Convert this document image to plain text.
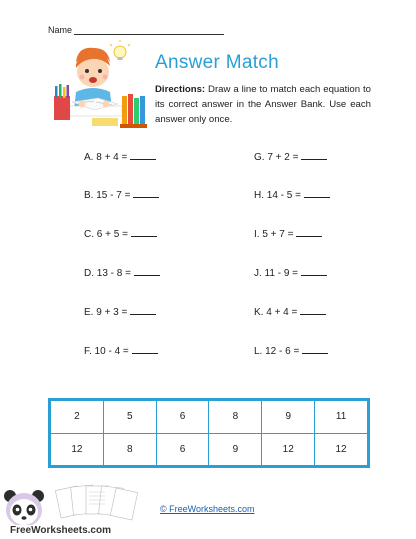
Name
Answer Match
Directions: Draw a line to match each equation to its correct answer in the Answer Bank. Use each answer only once.
A. 8 + 4 =
B. 15 - 7 =
C. 6 + 5 =
D. 13 - 8 =
E. 9 + 3 =
F. 10 - 4 =
G. 7 + 2 =
H. 14 - 5 =
I. 5 + 7 =
J. 11 - 9 =
K. 4 + 4 =
L. 12 - 6 =
2	5	6	8	9	11
12	8	6	9	12	12
FreeWorksheets.com
© FreeWorksheets.com
